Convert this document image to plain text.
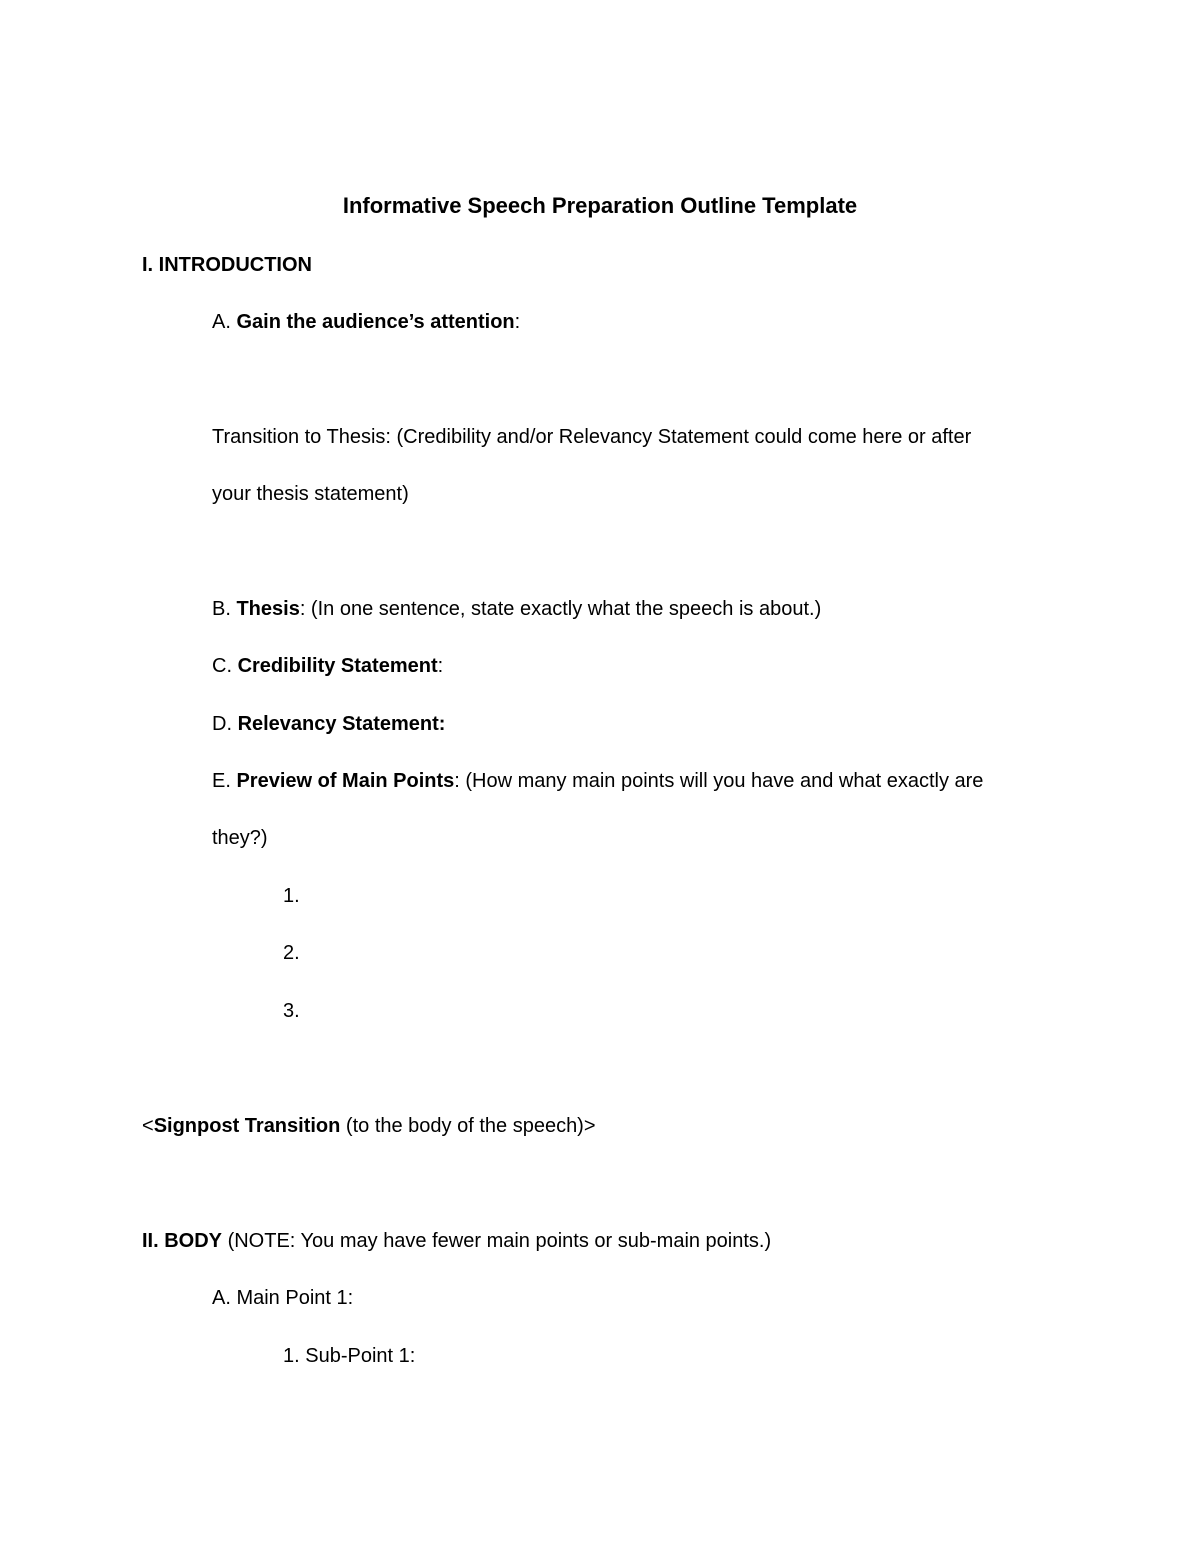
Informative Speech Preparation Outline Template
I. INTRODUCTION
A. Gain the audience’s attention:
Transition to Thesis: (Credibility and/or Relevancy Statement could come here or after
your thesis statement)
B. Thesis: (In one sentence, state exactly what the speech is about.)
C. Credibility Statement:
D. Relevancy Statement:
E. Preview of Main Points: (How many main points will you have and what exactly are
they?)
1.
2.
3.
<Signpost Transition (to the body of the speech)>
II. BODY (NOTE: You may have fewer main points or sub-main points.)
A. Main Point 1:
1. Sub-Point 1:
